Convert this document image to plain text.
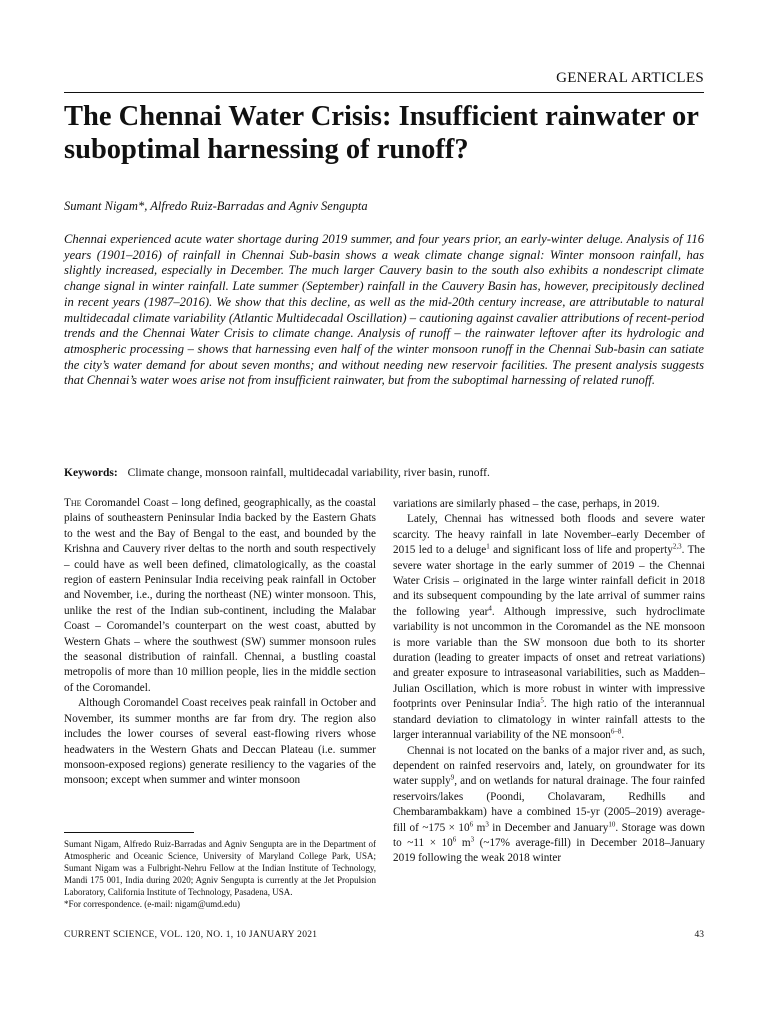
GENERAL ARTICLES
The Chennai Water Crisis: Insufficient rainwater or suboptimal harnessing of runoff?
Sumant Nigam*, Alfredo Ruiz-Barradas and Agniv Sengupta

Chennai experienced acute water shortage during 2019 summer, and four years prior, an early-winter deluge. Analysis of 116 years (1901–2016) of rainfall in Chennai Sub-basin shows a weak climate change signal: Winter monsoon rainfall, has slightly increased, especially in December. The much larger Cauvery basin to the south also exhibits a nondescript climate change signal in winter rainfall. Late summer (September) rainfall in the Cauvery Basin has, however, precipitously declined in recent years (1987–2016). We show that this decline, as well as the mid-20th century increase, are attributable to natural multidecadal climate variability (Atlantic Multidecadal Oscillation) – cautioning against cavalier attributions of recent-period trends and the Chennai Water Crisis to climate change. Analysis of runoff – the rainwater leftover after its hydrologic and atmospheric processing – shows that harnessing even half of the winter monsoon runoff in the Chennai Sub-basin can satiate the city’s water demand for about seven months; and without needing new reservoir facilities. The present analysis suggests that Chennai’s water woes arise not from insufficient rainwater, but from the suboptimal harnessing of related runoff.

Keywords: Climate change, monsoon rainfall, multidecadal variability, river basin, runoff.

The Coromandel Coast – long defined, geographically, as the coastal plains of southeastern Peninsular India backed by the Eastern Ghats to the west and the Bay of Bengal to the east, and bounded by the Krishna and Cauvery river deltas to the north and south respectively – could have as well been defined, climatologically, as the coastal region of eastern Peninsular India receiving peak rainfall in October and November, i.e., during the northeast (NE) winter monsoon. This, unlike the rest of the Indian sub-continent, including the Malabar Coast – Coromandel’s counterpart on the west coast, abutted by Western Ghats – where the southwest (SW) summer monsoon rules the seasonal distribution of rainfall. Chennai, a bustling coastal metropolis of more than 10 million people, lies in the middle section of the Coromandel.

Although Coromandel Coast receives peak rainfall in October and November, its summer months are far from dry. The region also includes the lower courses of several east-flowing rivers whose headwaters in the Western Ghats and Deccan Plateau (i.e. summer monsoon-exposed regions) generate resiliency to the vagaries of the monsoon; except when summer and winter monsoon

variations are similarly phased – the case, perhaps, in 2019.

Lately, Chennai has witnessed both floods and severe water scarcity. The heavy rainfall in late November–early December of 2015 led to a deluge$^1$ and significant loss of life and property$^{2,3}$. The severe water shortage in the early summer of 2019 – the Chennai Water Crisis – originated in the large winter rainfall deficit in 2018 and its subsequent compounding by the late arrival of summer rains the following year$^4$. Although impressive, such hydroclimate variability is not uncommon in the Coromandel as the NE monsoon is more variable than the SW monsoon due both to its shorter duration (leading to greater impacts of onset and retreat variations) and greater exposure to intraseasonal variabilities, such as Madden–Julian Oscillation, which is more robust in winter with impressive footprints over Peninsular India$^5$. The high ratio of the interannual standard deviation to climatology in winter rainfall attests to the larger interannual variability of the NE monsoon$^{6-8}$.

Chennai is not located on the banks of a major river and, as such, dependent on rainfed reservoirs and, lately, on groundwater for its water supply$^9$, and on wetlands for natural drainage. The four rainfed reservoirs/lakes (Poondi, Cholavaram, Redhills and Chembarambakkam) have a combined 15-yr (2005–2019) average-fill of ~175 × $10^6$ $m^3$ in December and January$^{10}$. Storage was down to ~11 × $10^6$ $m^3$ (~17% average-fill) in December 2018–January 2019 following the weak 2018 winter

Sumant Nigam, Alfredo Ruiz-Barradas and Agniv Sengupta are in the Department of Atmospheric and Oceanic Science, University of Maryland College Park, USA; Sumant Nigam was a Fulbright-Nehru Fellow at the Indian Institute of Technology, Mandi 175 001, India during 2020; Agniv Sengupta is currently at the Jet Propulsion Laboratory, California Institute of Technology, Pasadena, USA.

*For correspondence. (e-mail: nigam@umd.edu)

CURRENT SCIENCE, VOL. 120, NO. 1, 10 JANUARY 2021	43
